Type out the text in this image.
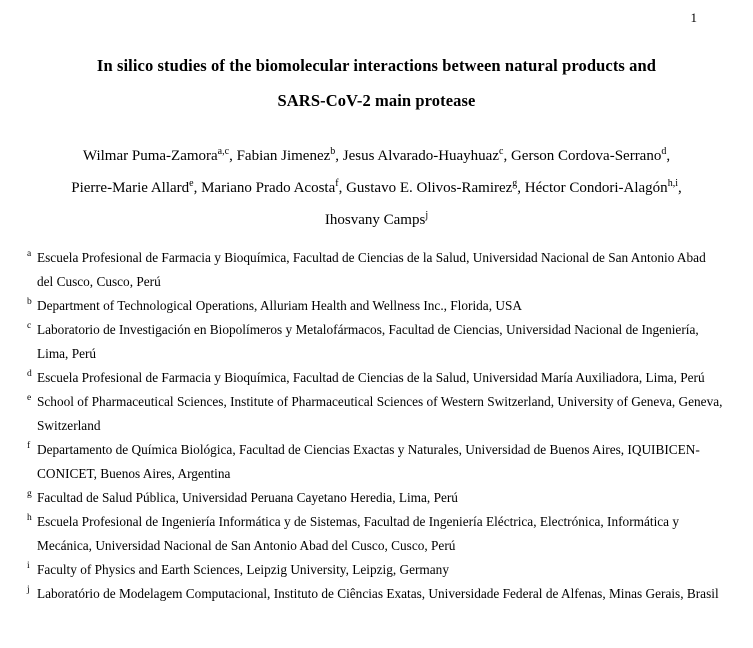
1
In silico studies of the biomolecular interactions between natural products and
SARS-CoV-2 main protease
Wilmar Puma-Zamora$^{a,c}$, Fabian Jimenez$^b$, Jesus Alvarado-Huayhuaz$^c$, Gerson Cordova-Serrano$^d$,
Pierre-Marie Allard$^e$, Mariano Prado Acosta$^f$, Gustavo E. Olivos-Ramirez$^g$, Héctor Condori-Alagón$^{h,i}$,
Ihosvany Camps$^j$
a Escuela Profesional de Farmacia y Bioquímica, Facultad de Ciencias de la Salud, Universidad Nacional de San Antonio Abad del Cusco, Cusco, Perú
b Department of Technological Operations, Alluriam Health and Wellness Inc., Florida, USA
c Laboratorio de Investigación en Biopolímeros y Metalofármacos, Facultad de Ciencias, Universidad Nacional de Ingeniería, Lima, Perú
d Escuela Profesional de Farmacia y Bioquímica, Facultad de Ciencias de la Salud, Universidad María Auxiliadora, Lima, Perú
e School of Pharmaceutical Sciences, Institute of Pharmaceutical Sciences of Western Switzerland, University of Geneva, Geneva, Switzerland
f Departamento de Química Biológica, Facultad de Ciencias Exactas y Naturales, Universidad de Buenos Aires, IQUIBICEN-CONICET, Buenos Aires, Argentina
g Facultad de Salud Pública, Universidad Peruana Cayetano Heredia, Lima, Perú
h Escuela Profesional de Ingeniería Informática y de Sistemas, Facultad de Ingeniería Eléctrica, Electrónica, Informática y Mecánica, Universidad Nacional de San Antonio Abad del Cusco, Cusco, Perú
i Faculty of Physics and Earth Sciences, Leipzig University, Leipzig, Germany
j Laboratório de Modelagem Computacional, Instituto de Ciências Exatas, Universidade Federal de Alfenas, Minas Gerais, Brasil
